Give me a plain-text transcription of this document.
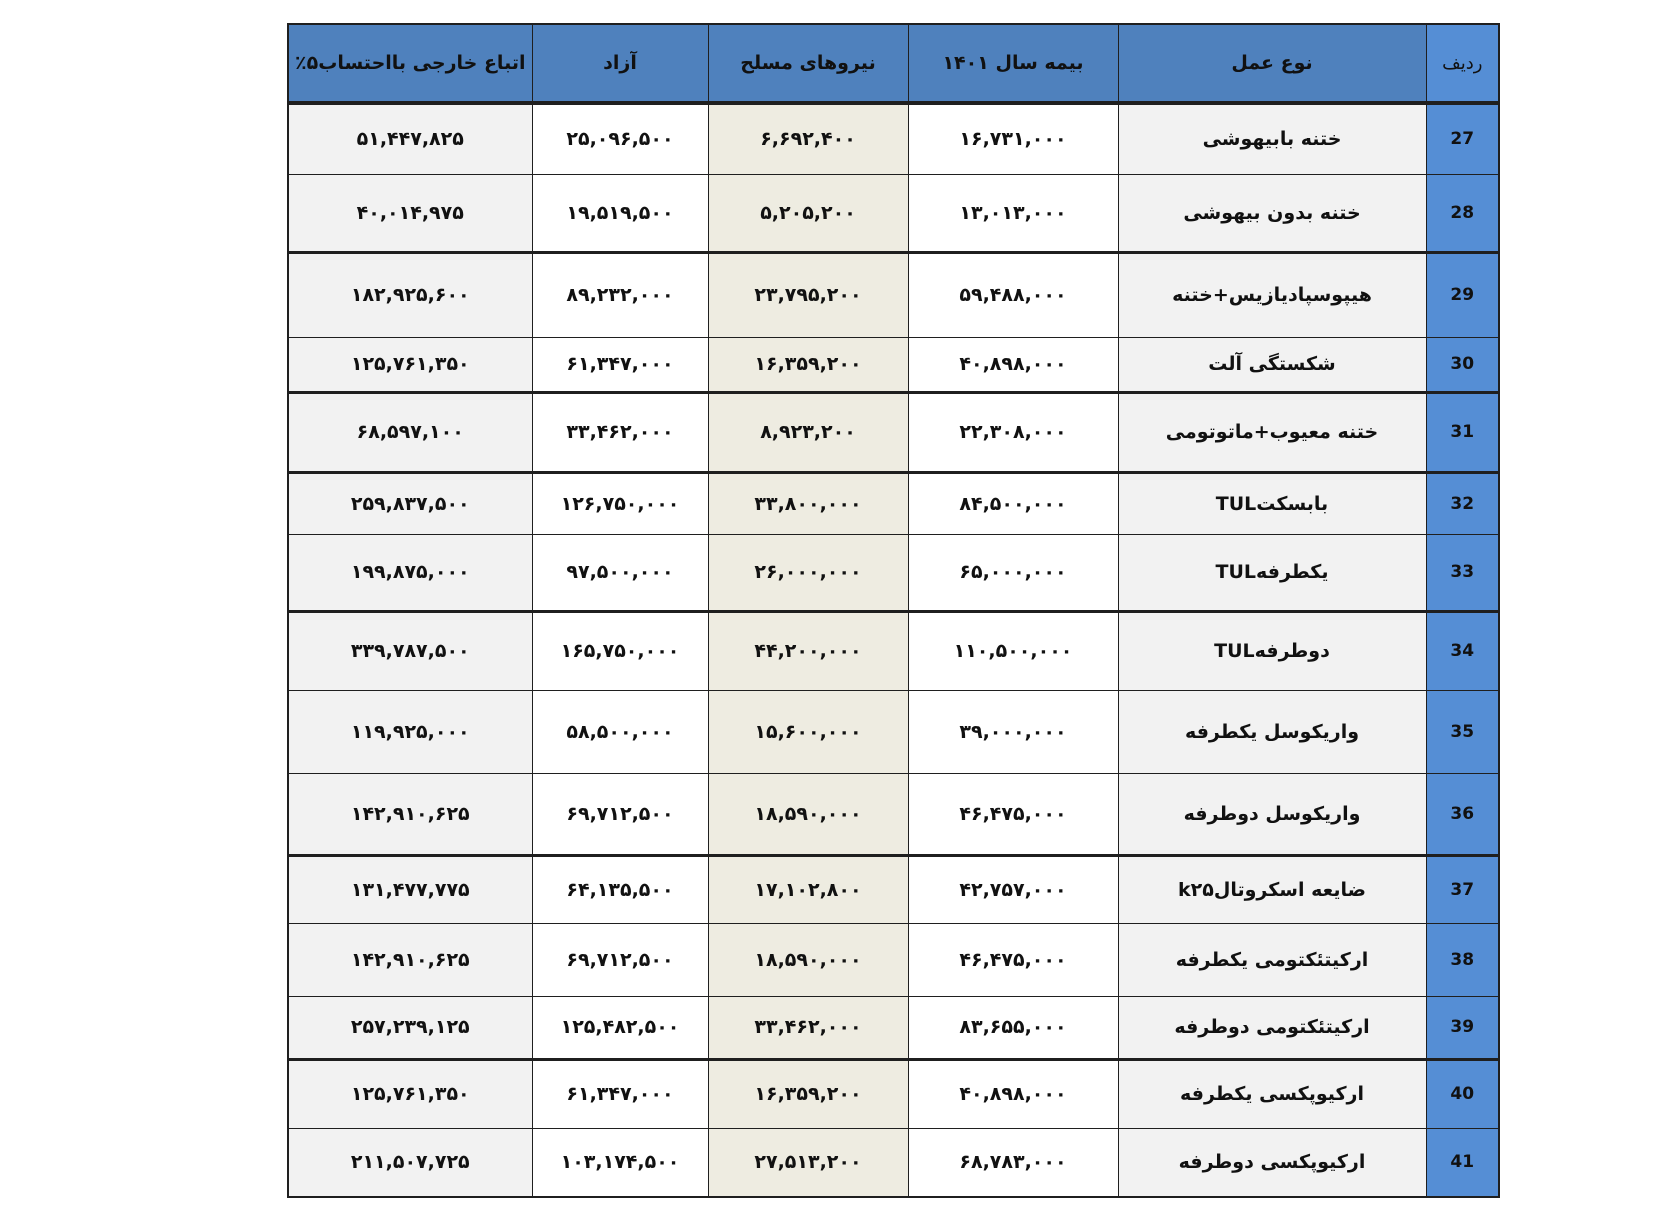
ردیف	نوع عمل	بیمه سال ۱۴۰۱	نیروهای مسلح	آزاد	اتباع خارجی بااحتساب۵٪
27	ختنه بابیهوشی	۱۶,۷۳۱,۰۰۰	۶,۶۹۲,۴۰۰	۲۵,۰۹۶,۵۰۰	۵۱,۴۴۷,۸۲۵
28	ختنه بدون بیهوشی	۱۳,۰۱۳,۰۰۰	۵,۲۰۵,۲۰۰	۱۹,۵۱۹,۵۰۰	۴۰,۰۱۴,۹۷۵
29	هیپوسپادیازیس+ختنه	۵۹,۴۸۸,۰۰۰	۲۳,۷۹۵,۲۰۰	۸۹,۲۳۲,۰۰۰	۱۸۲,۹۲۵,۶۰۰
30	شکستگی آلت	۴۰,۸۹۸,۰۰۰	۱۶,۳۵۹,۲۰۰	۶۱,۳۴۷,۰۰۰	۱۲۵,۷۶۱,۳۵۰
31	ختنه معیوب+ماتوتومی	۲۲,۳۰۸,۰۰۰	۸,۹۲۳,۲۰۰	۳۳,۴۶۲,۰۰۰	۶۸,۵۹۷,۱۰۰
32	بابسکتTUL	۸۴,۵۰۰,۰۰۰	۳۳,۸۰۰,۰۰۰	۱۲۶,۷۵۰,۰۰۰	۲۵۹,۸۳۷,۵۰۰
33	یکطرفهTUL	۶۵,۰۰۰,۰۰۰	۲۶,۰۰۰,۰۰۰	۹۷,۵۰۰,۰۰۰	۱۹۹,۸۷۵,۰۰۰
34	دوطرفهTUL	۱۱۰,۵۰۰,۰۰۰	۴۴,۲۰۰,۰۰۰	۱۶۵,۷۵۰,۰۰۰	۳۳۹,۷۸۷,۵۰۰
35	واریکوسل یکطرفه	۳۹,۰۰۰,۰۰۰	۱۵,۶۰۰,۰۰۰	۵۸,۵۰۰,۰۰۰	۱۱۹,۹۲۵,۰۰۰
36	واریکوسل دوطرفه	۴۶,۴۷۵,۰۰۰	۱۸,۵۹۰,۰۰۰	۶۹,۷۱۲,۵۰۰	۱۴۲,۹۱۰,۶۲۵
37	ضایعه اسکروتالk۲۵	۴۲,۷۵۷,۰۰۰	۱۷,۱۰۲,۸۰۰	۶۴,۱۳۵,۵۰۰	۱۳۱,۴۷۷,۷۷۵
38	ارکیتئکتومی یکطرفه	۴۶,۴۷۵,۰۰۰	۱۸,۵۹۰,۰۰۰	۶۹,۷۱۲,۵۰۰	۱۴۲,۹۱۰,۶۲۵
39	ارکیتئکتومی دوطرفه	۸۳,۶۵۵,۰۰۰	۳۳,۴۶۲,۰۰۰	۱۲۵,۴۸۲,۵۰۰	۲۵۷,۲۳۹,۱۲۵
40	ارکیوپکسی یکطرفه	۴۰,۸۹۸,۰۰۰	۱۶,۳۵۹,۲۰۰	۶۱,۳۴۷,۰۰۰	۱۲۵,۷۶۱,۳۵۰
41	ارکیوپکسی دوطرفه	۶۸,۷۸۳,۰۰۰	۲۷,۵۱۳,۲۰۰	۱۰۳,۱۷۴,۵۰۰	۲۱۱,۵۰۷,۷۲۵
